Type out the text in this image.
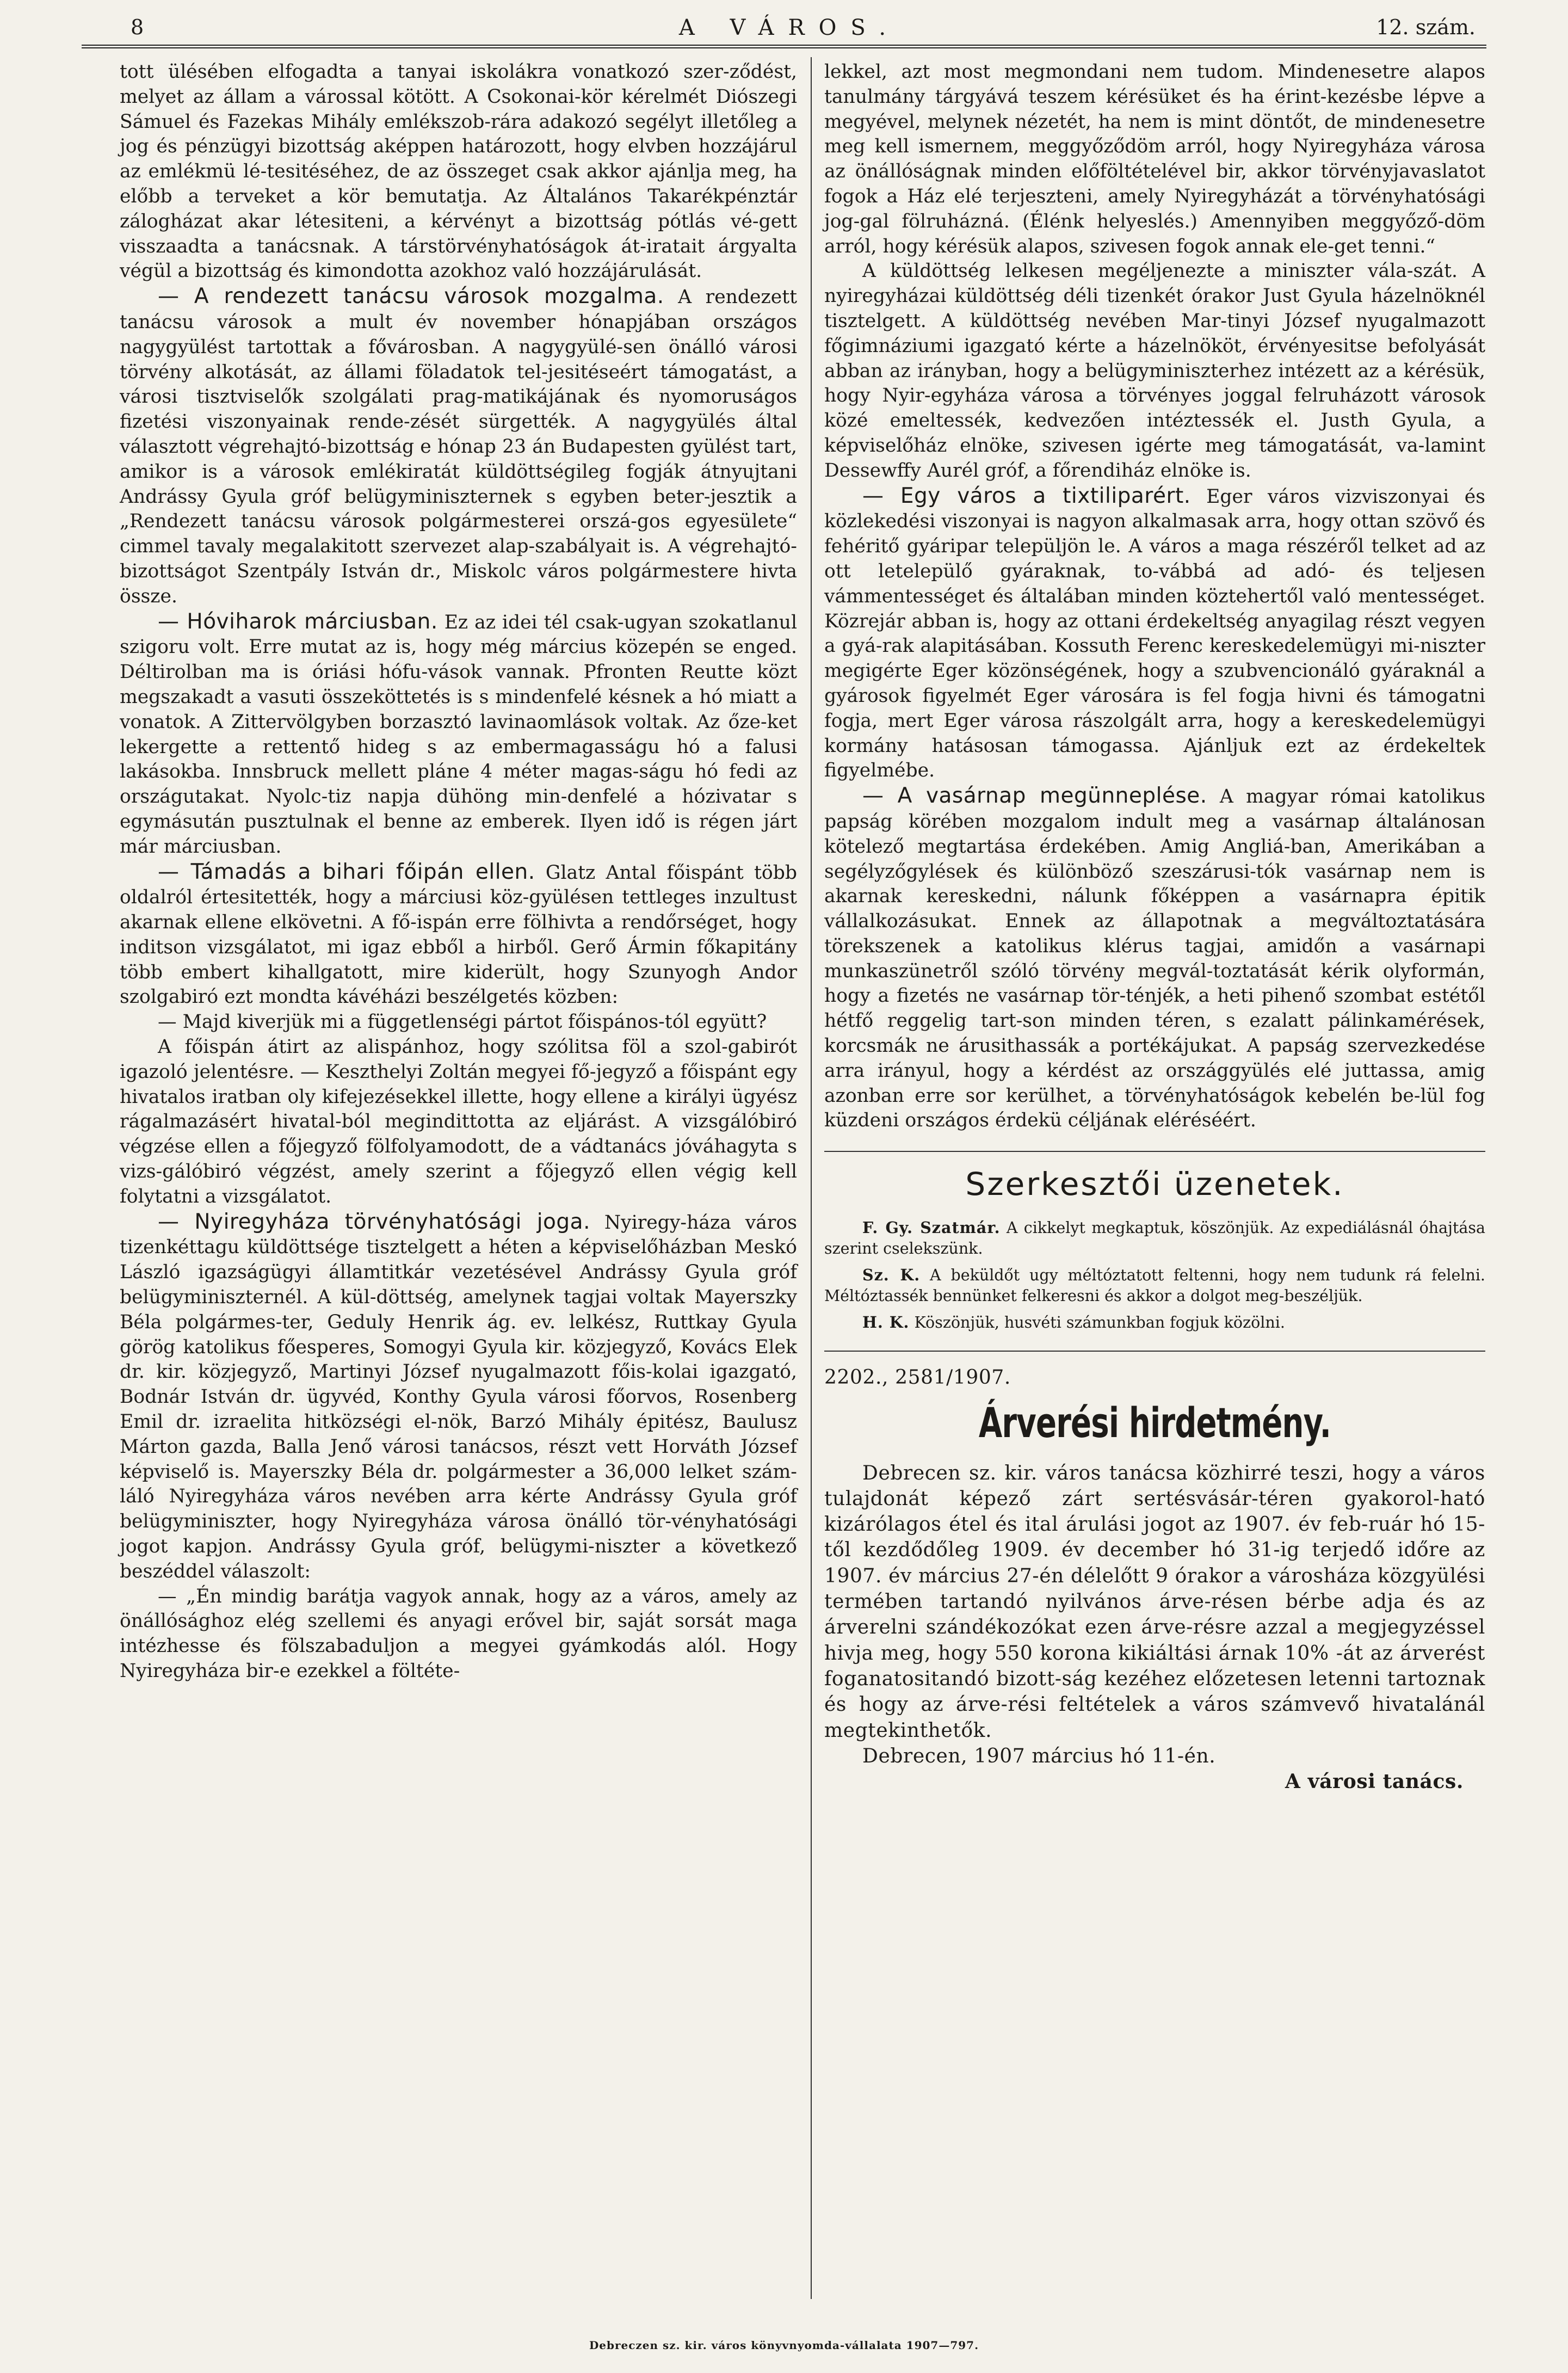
8	A VÁROS.	12. szám.

tott ülésében elfogadta a tanyai iskolákra vonatkozó szer-ződést, melyet az állam a várossal kötött. A Csokonai-kör kérelmét Diószegi Sámuel és Fazekas Mihály emlékszob-rára adakozó segélyt illetőleg a jog és pénzügyi bizottság aképpen határozott, hogy elvben hozzájárul az emlékmü lé-tesitéséhez, de az összeget csak akkor ajánlja meg, ha előbb a terveket a kör bemutatja. Az Általános Takarékpénztár zálogházat akar létesiteni, a kérvényt a bizottság pótlás vé-gett visszaadta a tanácsnak. A társtörvényhatóságok át-iratait árgyalta végül a bizottság és kimondotta azokhoz való hozzájárulását.

— A rendezett tanácsu városok mozgalma. A rendezett tanácsu városok a mult év november hónapjában országos nagygyülést tartottak a fővárosban. A nagygyülé-sen önálló városi törvény alkotását, az állami föladatok tel-jesitéseért támogatást, a városi tisztviselők szolgálati prag-matikájának és nyomoruságos fizetési viszonyainak rende-zését sürgették. A nagygyülés által választott végrehajtó-bizottság e hónap 23 án Budapesten gyülést tart, amikor is a városok emlékiratát küldöttségileg fogják átnyujtani Andrássy Gyula gróf belügyminiszternek s egyben beter-jesztik a „Rendezett tanácsu városok polgármesterei orszá-gos egyesülete“ cimmel tavaly megalakitott szervezet alap-szabályait is. A végrehajtó-bizottságot Szentpály István dr., Miskolc város polgármestere hivta össze.

— Hóviharok márciusban. Ez az idei tél csak-ugyan szokatlanul szigoru volt. Erre mutat az is, hogy még március közepén se enged. Déltirolban ma is óriási hófu-vások vannak. Pfronten Reutte közt megszakadt a vasuti összeköttetés is s mindenfelé késnek a hó miatt a vonatok. A Zittervölgyben borzasztó lavinaomlások voltak. Az őze-ket lekergette a rettentő hideg s az embermagasságu hó a falusi lakásokba. Innsbruck mellett pláne 4 méter magas-ságu hó fedi az országutakat. Nyolc-tiz napja dühöng min-denfelé a hózivatar s egymásután pusztulnak el benne az emberek. Ilyen idő is régen járt már márciusban.

— Támadás a bihari főipán ellen. Glatz Antal főispánt több oldalról értesitették, hogy a márciusi köz-gyülésen tettleges inzultust akarnak ellene elkövetni. A fő-ispán erre fölhivta a rendőrséget, hogy inditson vizsgálatot, mi igaz ebből a hirből. Gerő Ármin főkapitány több embert kihallgatott, mire kiderült, hogy Szunyogh Andor szolgabiró ezt mondta kávéházi beszélgetés közben:

— Majd kiverjük mi a függetlenségi pártot főispános-tól együtt?

A főispán átirt az alispánhoz, hogy szólitsa föl a szol-gabirót igazoló jelentésre. — Keszthelyi Zoltán megyei fő-jegyző a főispánt egy hivatalos iratban oly kifejezésekkel illette, hogy ellene a királyi ügyész rágalmazásért hivatal-ból megindittotta az eljárást. A vizsgálóbiró végzése ellen a főjegyző fölfolyamodott, de a vádtanács jóváhagyta s vizs-gálóbiró végzést, amely szerint a főjegyző ellen végig kell folytatni a vizsgálatot.

— Nyiregyháza törvényhatósági joga. Nyiregy-háza város tizenkéttagu küldöttsége tisztelgett a héten a képviselőházban Meskó László igazságügyi államtitkár vezetésével Andrássy Gyula gróf belügyminiszternél. A kül-döttség, amelynek tagjai voltak Mayerszky Béla polgármes-ter, Geduly Henrik ág. ev. lelkész, Ruttkay Gyula görög katolikus főesperes, Somogyi Gyula kir. közjegyző, Kovács Elek dr. kir. közjegyző, Martinyi József nyugalmazott főis-kolai igazgató, Bodnár István dr. ügyvéd, Konthy Gyula városi főorvos, Rosenberg Emil dr. izraelita hitközségi el-nök, Barzó Mihály épitész, Baulusz Márton gazda, Balla Jenő városi tanácsos, részt vett Horváth József képviselő is. Mayerszky Béla dr. polgármester a 36,000 lelket szám-láló Nyiregyháza város nevében arra kérte Andrássy Gyula gróf belügyminiszter, hogy Nyiregyháza városa önálló tör-vényhatósági jogot kapjon. Andrássy Gyula gróf, belügymi-niszter a következő beszéddel válaszolt:

— „Én mindig barátja vagyok annak, hogy az a város, amely az önállósághoz elég szellemi és anyagi erővel bir, saját sorsát maga intézhesse és fölszabaduljon a megyei gyámkodás alól. Hogy Nyiregyháza bir-e ezekkel a föltéte-

lekkel, azt most megmondani nem tudom. Mindenesetre alapos tanulmány tárgyává teszem kérésüket és ha érint-kezésbe lépve a megyével, melynek nézetét, ha nem is mint döntőt, de mindenesetre meg kell ismernem, meggyőződöm arról, hogy Nyiregyháza városa az önállóságnak minden előföltételével bir, akkor törvényjavaslatot fogok a Ház elé terjeszteni, amely Nyiregyházát a törvényhatósági jog-gal fölruházná. (Élénk helyeslés.) Amennyiben meggyőző-döm arról, hogy kérésük alapos, szivesen fogok annak ele-get tenni.“

A küldöttség lelkesen megéljenezte a miniszter vála-szát. A nyiregyházai küldöttség déli tizenkét órakor Just Gyula házelnöknél tisztelgett. A küldöttség nevében Mar-tinyi József nyugalmazott főgimnáziumi igazgató kérte a házelnököt, érvényesitse befolyását abban az irányban, hogy a belügyminiszterhez intézett az a kérésük, hogy Nyir-egyháza városa a törvényes joggal felruházott városok közé emeltessék, kedvezően intéztessék el. Justh Gyula, a képviselőház elnöke, szivesen igérte meg támogatását, va-lamint Dessewffy Aurél gróf, a főrendiház elnöke is.

— Egy város a tixtiliparért. Eger város vizviszonyai és közlekedési viszonyai is nagyon alkalmasak arra, hogy ottan szövő és fehéritő gyáripar települjön le. A város a maga részéről telket ad az ott letelepülő gyáraknak, to-vábbá ad adó- és teljesen vámmentességet és általában minden köztehertől való mentességet. Közrejár abban is, hogy az ottani érdekeltség anyagilag részt vegyen a gyá-rak alapitásában. Kossuth Ferenc kereskedelemügyi mi-niszter megigérte Eger közönségének, hogy a szubvencionáló gyáraknál a gyárosok figyelmét Eger városára is fel fogja hivni és támogatni fogja, mert Eger városa rászolgált arra, hogy a kereskedelemügyi kormány hatásosan támogassa. Ajánljuk ezt az érdekeltek figyelmébe.

— A vasárnap megünneplése. A magyar római katolikus papság körében mozgalom indult meg a vasárnap általánosan kötelező megtartása érdekében. Amig Angliá-ban, Amerikában a segélyzőgylések és különböző szeszárusi-tók vasárnap nem is akarnak kereskedni, nálunk főképpen a vasárnapra épitik vállalkozásukat. Ennek az állapotnak a megváltoztatására törekszenek a katolikus klérus tagjai, amidőn a vasárnapi munkaszünetről szóló törvény megvál-toztatását kérik olyformán, hogy a fizetés ne vasárnap tör-ténjék, a heti pihenő szombat estétől hétfő reggelig tart-son minden téren, s ezalatt pálinkamérések, korcsmák ne árusithassák a portékájukat. A papság szervezkedése arra irányul, hogy a kérdést az országgyülés elé juttassa, amig azonban erre sor kerülhet, a törvényhatóságok kebelén be-lül fog küzdeni országos érdekü céljának eléréséért.

Szerkesztői üzenetek.

F. Gy. Szatmár. A cikkelyt megkaptuk, köszönjük. Az expediálásnál óhajtása szerint cselekszünk.

Sz. K. A beküldőt ugy méltóztatott feltenni, hogy nem tudunk rá felelni. Méltóztassék bennünket felkeresni és akkor a dolgot meg-beszéljük.

H. K. Köszönjük, husvéti számunkban fogjuk közölni.

2202., 2581/1907.

Árverési hirdetmény.

Debrecen sz. kir. város tanácsa közhirré teszi, hogy a város tulajdonát képező zárt sertésvásár-téren gyakorol-ható kizárólagos étel és ital árulási jogot az 1907. év feb-ruár hó 15-től kezdődőleg 1909. év december hó 31-ig terjedő időre az 1907. év március 27-én délelőtt 9 órakor a városháza közgyülési termében tartandó nyilvános árve-résen bérbe adja és az árverelni szándékozókat ezen árve-résre azzal a megjegyzéssel hivja meg, hogy 550 korona kikiáltási árnak 10% -át az árverést foganatositandó bizott-ság kezéhez előzetesen letenni tartoznak és hogy az árve-rési feltételek a város számvevő hivatalánál megtekinthetők.

Debrecen, 1907 március hó 11-én.

A városi tanács.

Debreczen sz. kir. város könyvnyomda-vállalata 1907—797.
